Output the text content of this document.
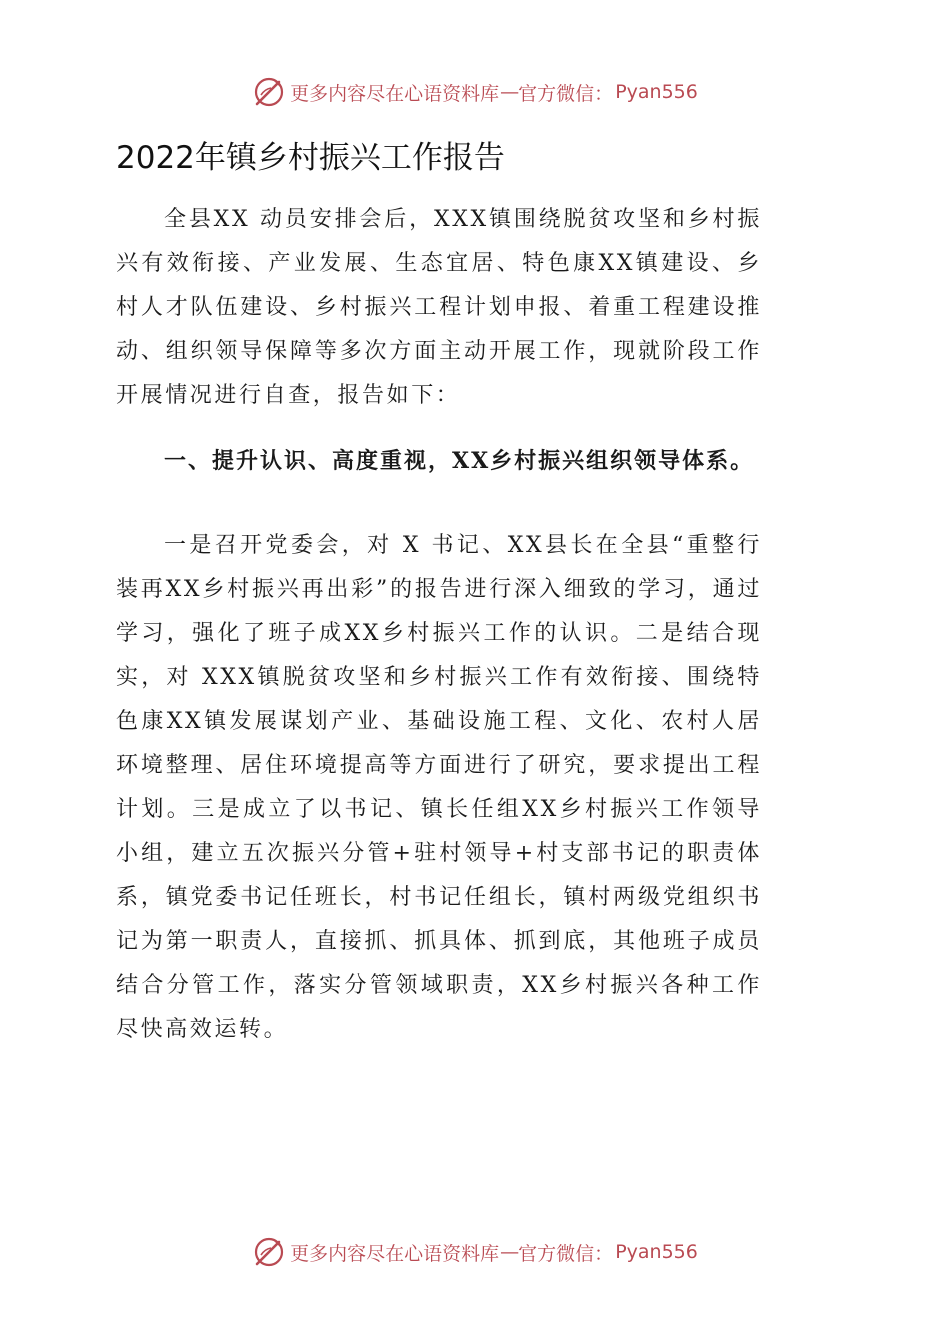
更多内容尽在心语资料库 — 官方微信： Pyan556
2022年镇乡村振兴工作报告

全县XX 动员安排会后，XXX镇围绕脱贫攻坚和乡村振兴有效衔接、产业发展、生态宜居、特色康XX镇建设、乡村人才队伍建设、乡村振兴工程计划申报、着重工程建设推动、组织领导保障等多次方面主动开展工作，现就阶段工作开展情况进行自查，报告如下：

一、提升认识、高度重视，XX乡村振兴组织领导体系。

一是召开党委会，对 X 书记、XX县长在全县“重整行装再XX乡村振兴再出彩”的报告进行深入细致的学习，通过学习，强化了班子成XX乡村振兴工作的认识。二是结合现实，对 XXX镇脱贫攻坚和乡村振兴工作有效衔接、围绕特色康XX镇发展谋划产业、基础设施工程、文化、农村人居环境整理、居住环境提高等方面进行了研究，要求提出工程计划。三是成立了以书记、镇长任组XX乡村振兴工作领导小组，建立五次振兴分管+驻村领导+村支部书记的职责体系，镇党委书记任班长，村书记任组长，镇村两级党组织书记为第一职责人，直接抓、抓具体、抓到底，其他班子成员结合分管工作，落实分管领域职责，XX乡村振兴各种工作尽快高效运转。

更多内容尽在心语资料库 — 官方微信： Pyan556
